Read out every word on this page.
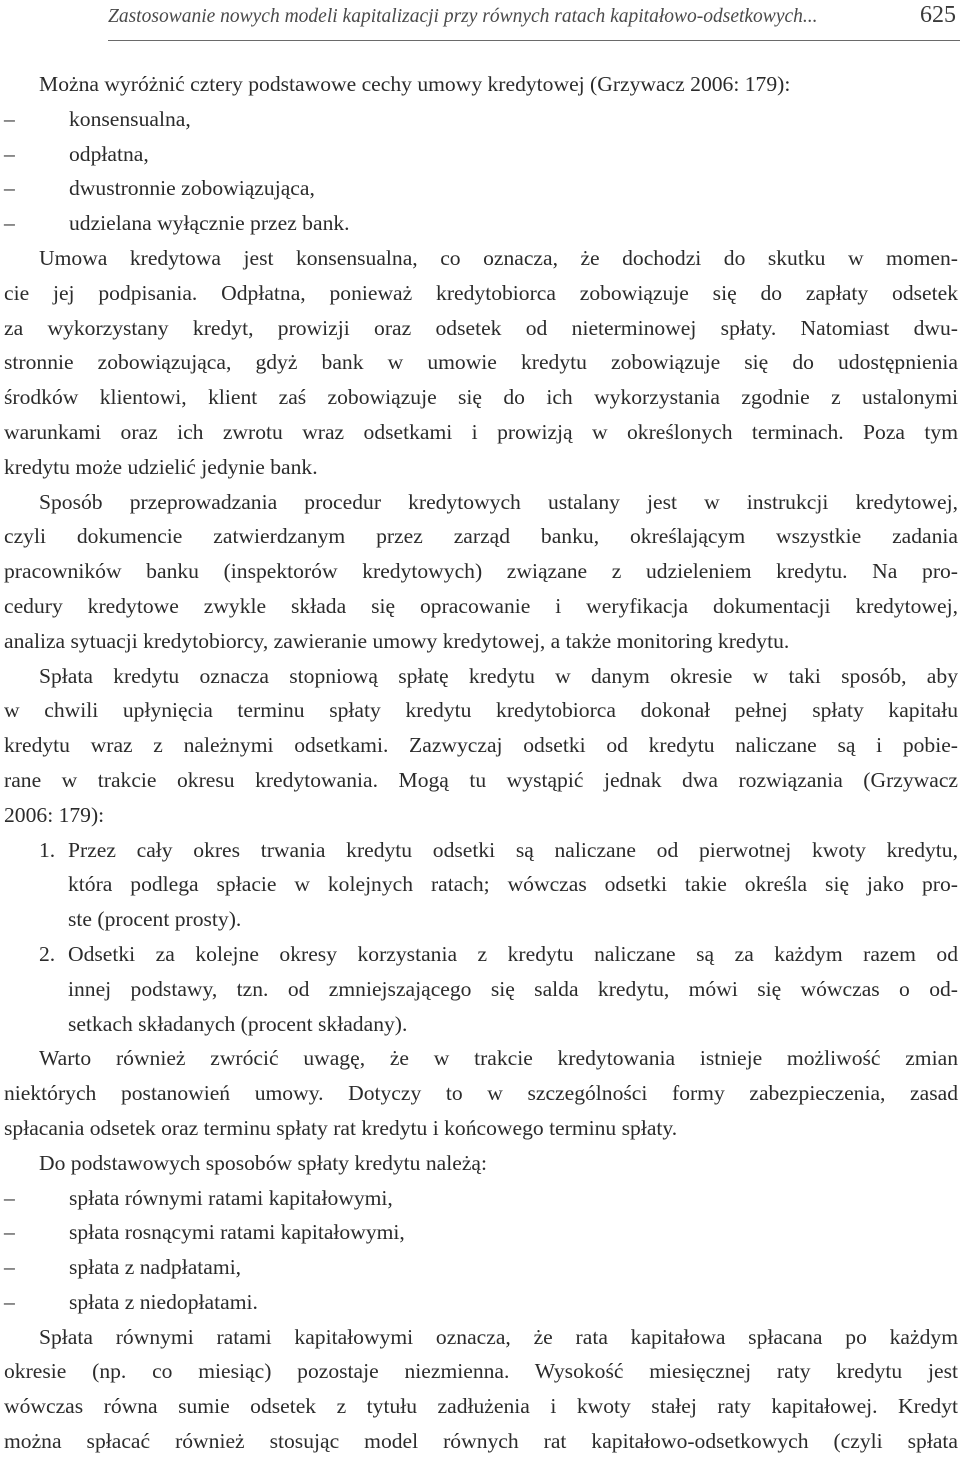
Zastosowanie nowych modeli kapitalizacji przy równych ratach kapitałowo-odsetkowych...	625
Można wyróżnić cztery podstawowe cechy umowy kredytowej (Grzywacz 2006: 179):
–	konsensualna,
–	odpłatna,
–	dwustronnie zobowiązująca,
–	udzielana wyłącznie przez bank.
Umowa kredytowa jest konsensualna, co oznacza, że dochodzi do skutku w momen-
cie jej podpisania. Odpłatna, ponieważ kredytobiorca zobowiązuje się do zapłaty odsetek
za wykorzystany kredyt, prowizji oraz odsetek od nieterminowej spłaty. Natomiast dwu-
stronnie zobowiązująca, gdyż bank w umowie kredytu zobowiązuje się do udostępnienia
środków klientowi, klient zaś zobowiązuje się do ich wykorzystania zgodnie z ustalonymi
warunkami oraz ich zwrotu wraz odsetkami i prowizją w określonych terminach. Poza tym
kredytu może udzielić jedynie bank.
Sposób przeprowadzania procedur kredytowych ustalany jest w instrukcji kredytowej,
czyli dokumencie zatwierdzanym przez zarząd banku, określającym wszystkie zadania
pracowników banku (inspektorów kredytowych) związane z udzieleniem kredytu. Na pro-
cedury kredytowe zwykle składa się opracowanie i weryfikacja dokumentacji kredytowej,
analiza sytuacji kredytobiorcy, zawieranie umowy kredytowej, a także monitoring kredytu.
Spłata kredytu oznacza stopniową spłatę kredytu w danym okresie w taki sposób, aby
w chwili upłynięcia terminu spłaty kredytu kredytobiorca dokonał pełnej spłaty kapitału
kredytu wraz z należnymi odsetkami. Zazwyczaj odsetki od kredytu naliczane są i pobie-
rane w trakcie okresu kredytowania. Mogą tu wystąpić jednak dwa rozwiązania (Grzywacz
2006: 179):
1. Przez cały okres trwania kredytu odsetki są naliczane od pierwotnej kwoty kredytu,
która podlega spłacie w kolejnych ratach; wówczas odsetki takie określa się jako pro-
ste (procent prosty).
2. Odsetki za kolejne okresy korzystania z kredytu naliczane są za każdym razem od
innej podstawy, tzn. od zmniejszającego się salda kredytu, mówi się wówczas o od-
setkach składanych (procent składany).
Warto również zwrócić uwagę, że w trakcie kredytowania istnieje możliwość zmian
niektórych postanowień umowy. Dotyczy to w szczególności formy zabezpieczenia, zasad
spłacania odsetek oraz terminu spłaty rat kredytu i końcowego terminu spłaty.
Do podstawowych sposobów spłaty kredytu należą:
–	spłata równymi ratami kapitałowymi,
–	spłata rosnącymi ratami kapitałowymi,
–	spłata z nadpłatami,
–	spłata z niedopłatami.
Spłata równymi ratami kapitałowymi oznacza, że rata kapitałowa spłacana po każdym
okresie (np. co miesiąc) pozostaje niezmienna. Wysokość miesięcznej raty kredytu jest
wówczas równa sumie odsetek z tytułu zadłużenia i kwoty stałej raty kapitałowej. Kredyt
można spłacać również stosując model równych rat kapitałowo-odsetkowych (czyli spłata
